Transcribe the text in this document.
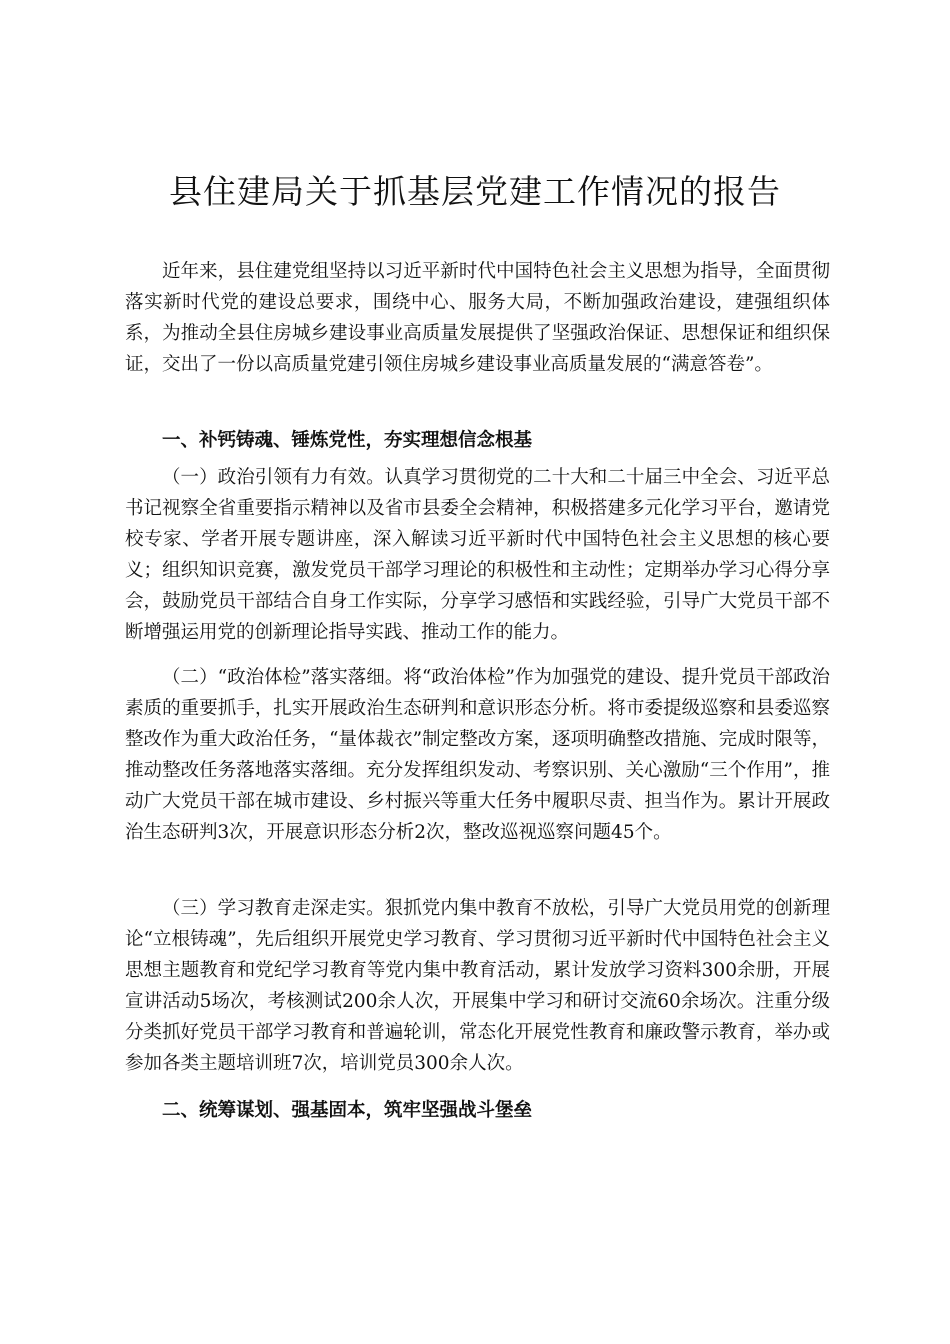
县住建局关于抓基层党建工作情况的报告

近年来，县住建党组坚持以习近平新时代中国特色社会主义思想为指导，全面贯彻落实新时代党的建设总要求，围绕中心、服务大局，不断加强政治建设，建强组织体系，为推动全县住房城乡建设事业高质量发展提供了坚强政治保证、思想保证和组织保证，交出了一份以高质量党建引领住房城乡建设事业高质量发展的“满意答卷”。

一、补钙铸魂、锤炼党性，夯实理想信念根基

（一）政治引领有力有效。认真学习贯彻党的二十大和二十届三中全会、习近平总书记视察全省重要指示精神以及省市县委全会精神，积极搭建多元化学习平台，邀请党校专家、学者开展专题讲座，深入解读习近平新时代中国特色社会主义思想的核心要义；组织知识竞赛，激发党员干部学习理论的积极性和主动性；定期举办学习心得分享会，鼓励党员干部结合自身工作实际，分享学习感悟和实践经验，引导广大党员干部不断增强运用党的创新理论指导实践、推动工作的能力。

（二）“政治体检”落实落细。将“政治体检”作为加强党的建设、提升党员干部政治素质的重要抓手，扎实开展政治生态研判和意识形态分析。将市委提级巡察和县委巡察整改作为重大政治任务，“量体裁衣”制定整改方案，逐项明确整改措施、完成时限等，推动整改任务落地落实落细。充分发挥组织发动、考察识别、关心激励“三个作用”，推动广大党员干部在城市建设、乡村振兴等重大任务中履职尽责、担当作为。累计开展政治生态研判3次，开展意识形态分析2次，整改巡视巡察问题45个。

（三）学习教育走深走实。狠抓党内集中教育不放松，引导广大党员用党的创新理论“立根铸魂”，先后组织开展党史学习教育、学习贯彻习近平新时代中国特色社会主义思想主题教育和党纪学习教育等党内集中教育活动，累计发放学习资料300余册，开展宣讲活动5场次，考核测试200余人次，开展集中学习和研讨交流60余场次。注重分级分类抓好党员干部学习教育和普遍轮训，常态化开展党性教育和廉政警示教育，举办或参加各类主题培训班7次，培训党员300余人次。

二、统筹谋划、强基固本，筑牢坚强战斗堡垒
